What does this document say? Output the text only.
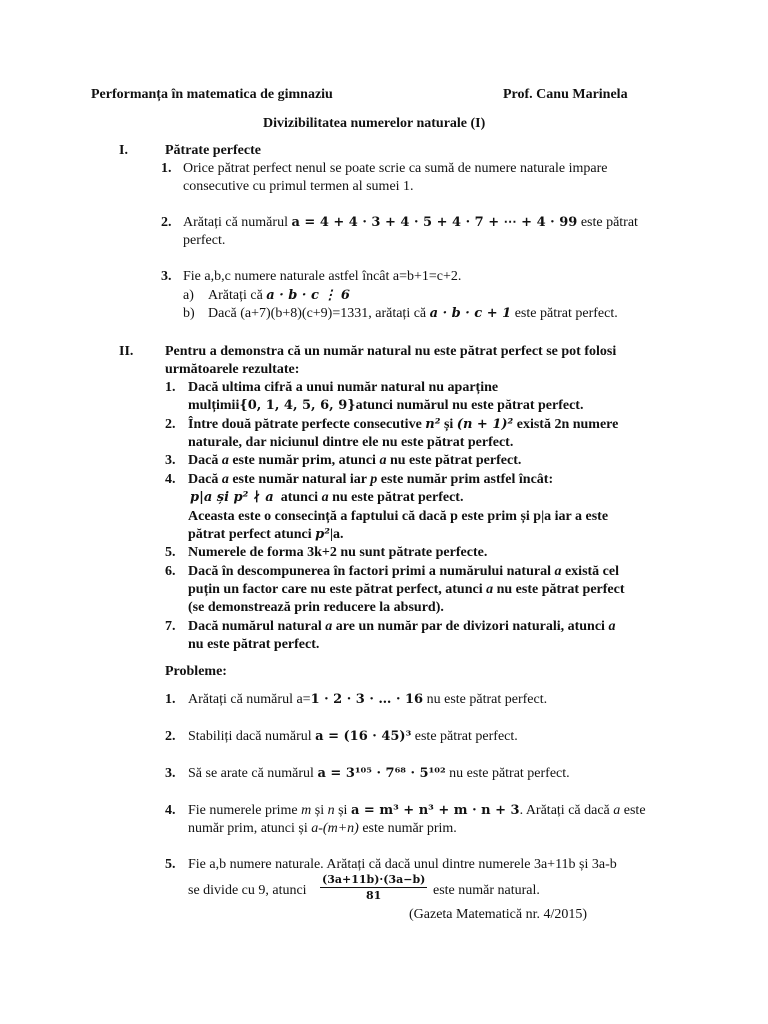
Performanța în matematica de gimnaziu	Prof. Canu Marinela
Divizibilitatea numerelor naturale (I)
I.	Pătrate perfecte
1. Orice pătrat perfect nenul se poate scrie ca sumă de numere naturale impare
consecutive cu primul termen al sumei 1.
2. Arătați că numărul a = 4 + 4 · 3 + 4 · 5 + 4 · 7 + ⋯ + 4 · 99 este pătrat
perfect.
3. Fie a,b,c numere naturale astfel încât a=b+1=c+2.
a) Arătați că a · b · c ⋮ 6
b) Dacă (a+7)(b+8)(c+9)=1331, arătați că a · b · c + 1 este pătrat perfect.
II. Pentru a demonstra că un număr natural nu este pătrat perfect se pot folosi
următoarele rezultate:
1. Dacă ultima cifră a unui număr natural nu aparține
mulțimii{0, 1, 4, 5, 6, 9}atunci numărul nu este pătrat perfect.
2. Între două pătrate perfecte consecutive n² și (n + 1)² există 2n numere
naturale, dar niciunul dintre ele nu este pătrat perfect.
3. Dacă a este număr prim, atunci a nu este pătrat perfect.
4. Dacă a este număr natural iar p este număr prim astfel încât:
p|a și p² ∤ a atunci a nu este pătrat perfect.
Aceasta este o consecință a faptului că dacă p este prim și p|a iar a este
pătrat perfect atunci p²|a.
5. Numerele de forma 3k+2 nu sunt pătrate perfecte.
6. Dacă în descompunerea în factori primi a numărului natural a există cel
puțin un factor care nu este pătrat perfect, atunci a nu este pătrat perfect
(se demonstrează prin reducere la absurd).
7. Dacă numărul natural a are un număr par de divizori naturali, atunci a
nu este pătrat perfect.
Probleme:
1. Arătați că numărul a=1 · 2 · 3 · … · 16 nu este pătrat perfect.
2. Stabiliți dacă numărul a = (16 · 45)³ este pătrat perfect.
3. Să se arate că numărul a = 3¹⁰⁵ · 7⁶⁸ · 5¹⁰² nu este pătrat perfect.
4. Fie numerele prime m și n și a = m³ + n³ + m · n + 3. Arătați că dacă a este
număr prim, atunci și a-(m+n) este număr prim.
5. Fie a,b numere naturale. Arătați că dacă unul dintre numerele 3a+11b și 3a-b
se divide cu 9, atunci
(3a+11b)·(3a−b)
81	este număr natural.
(Gazeta Matematică nr. 4/2015)
